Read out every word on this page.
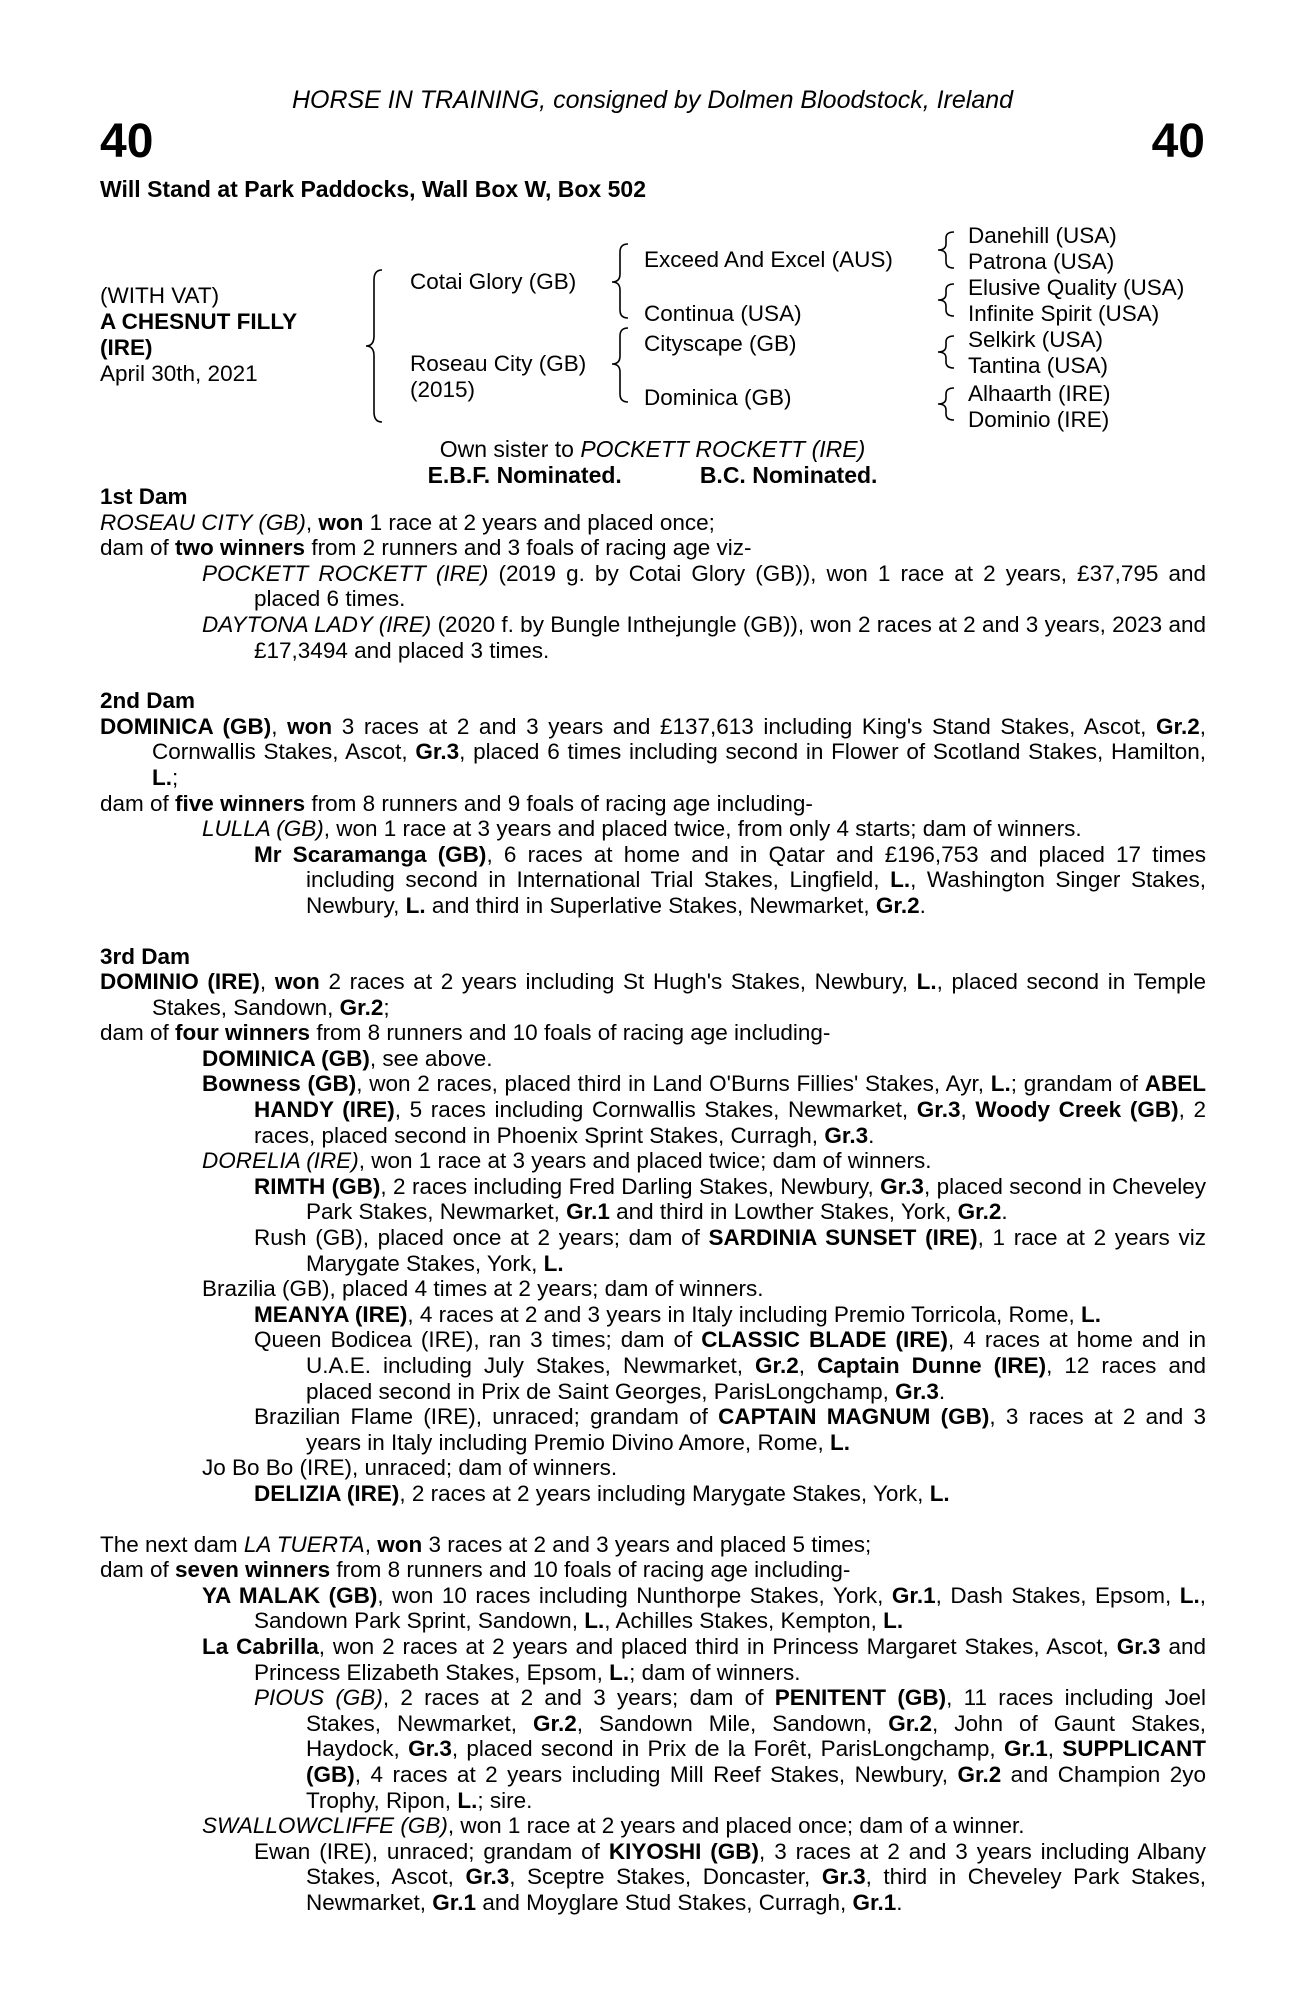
HORSE IN TRAINING, consigned by Dolmen Bloodstock, Ireland
40	40
Will Stand at Park Paddocks, Wall Box W, Box 502
(WITH VAT)
A CHESNUT FILLY
(IRE)
April 30th, 2021
Cotai Glory (GB)
Roseau City (GB)
(2015)
Exceed And Excel (AUS)
Continua (USA)
Cityscape (GB)
Dominica (GB)
Danehill (USA)
Patrona (USA)
Elusive Quality (USA)
Infinite Spirit (USA)
Selkirk (USA)
Tantina (USA)
Alhaarth (IRE)
Dominio (IRE)
Own sister to POCKETT ROCKETT (IRE)
E.B.F. Nominated.	B.C. Nominated.

1st Dam

ROSEAU CITY (GB), won 1 race at 2 years and placed once;

dam of two winners from 2 runners and 3 foals of racing age viz-

POCKETT ROCKETT (IRE) (2019 g. by Cotai Glory (GB)), won 1 race at 2 years, £37,795 and placed 6 times.

DAYTONA LADY (IRE) (2020 f. by Bungle Inthejungle (GB)), won 2 races at 2 and 3 years, 2023 and £17,3494 and placed 3 times.

2nd Dam

DOMINICA (GB), won 3 races at 2 and 3 years and £137,613 including King's Stand Stakes, Ascot, Gr.2, Cornwallis Stakes, Ascot, Gr.3, placed 6 times including second in Flower of Scotland Stakes, Hamilton, L.;

dam of five winners from 8 runners and 9 foals of racing age including-

LULLA (GB), won 1 race at 3 years and placed twice, from only 4 starts; dam of winners.

Mr Scaramanga (GB), 6 races at home and in Qatar and £196,753 and placed 17 times including second in International Trial Stakes, Lingfield, L., Washington Singer Stakes, Newbury, L. and third in Superlative Stakes, Newmarket, Gr.2.

3rd Dam

DOMINIO (IRE), won 2 races at 2 years including St Hugh's Stakes, Newbury, L., placed second in Temple Stakes, Sandown, Gr.2;

dam of four winners from 8 runners and 10 foals of racing age including-

DOMINICA (GB), see above.

Bowness (GB), won 2 races, placed third in Land O'Burns Fillies' Stakes, Ayr, L.; grandam of ABEL HANDY (IRE), 5 races including Cornwallis Stakes, Newmarket, Gr.3, Woody Creek (GB), 2 races, placed second in Phoenix Sprint Stakes, Curragh, Gr.3.

DORELIA (IRE), won 1 race at 3 years and placed twice; dam of winners.

RIMTH (GB), 2 races including Fred Darling Stakes, Newbury, Gr.3, placed second in Cheveley Park Stakes, Newmarket, Gr.1 and third in Lowther Stakes, York, Gr.2.

Rush (GB), placed once at 2 years; dam of SARDINIA SUNSET (IRE), 1 race at 2 years viz Marygate Stakes, York, L.

Brazilia (GB), placed 4 times at 2 years; dam of winners.

MEANYA (IRE), 4 races at 2 and 3 years in Italy including Premio Torricola, Rome, L.

Queen Bodicea (IRE), ran 3 times; dam of CLASSIC BLADE (IRE), 4 races at home and in U.A.E. including July Stakes, Newmarket, Gr.2, Captain Dunne (IRE), 12 races and placed second in Prix de Saint Georges, ParisLongchamp, Gr.3.

Brazilian Flame (IRE), unraced; grandam of CAPTAIN MAGNUM (GB), 3 races at 2 and 3 years in Italy including Premio Divino Amore, Rome, L.

Jo Bo Bo (IRE), unraced; dam of winners.

DELIZIA (IRE), 2 races at 2 years including Marygate Stakes, York, L.

The next dam LA TUERTA, won 3 races at 2 and 3 years and placed 5 times;

dam of seven winners from 8 runners and 10 foals of racing age including-

YA MALAK (GB), won 10 races including Nunthorpe Stakes, York, Gr.1, Dash Stakes, Epsom, L., Sandown Park Sprint, Sandown, L., Achilles Stakes, Kempton, L.

La Cabrilla, won 2 races at 2 years and placed third in Princess Margaret Stakes, Ascot, Gr.3 and Princess Elizabeth Stakes, Epsom, L.; dam of winners.

PIOUS (GB), 2 races at 2 and 3 years; dam of PENITENT (GB), 11 races including Joel Stakes, Newmarket, Gr.2, Sandown Mile, Sandown, Gr.2, John of Gaunt Stakes, Haydock, Gr.3, placed second in Prix de la Forêt, ParisLongchamp, Gr.1, SUPPLICANT (GB), 4 races at 2 years including Mill Reef Stakes, Newbury, Gr.2 and Champion 2yo Trophy, Ripon, L.; sire.

SWALLOWCLIFFE (GB), won 1 race at 2 years and placed once; dam of a winner.

Ewan (IRE), unraced; grandam of KIYOSHI (GB), 3 races at 2 and 3 years including Albany Stakes, Ascot, Gr.3, Sceptre Stakes, Doncaster, Gr.3, third in Cheveley Park Stakes, Newmarket, Gr.1 and Moyglare Stud Stakes, Curragh, Gr.1.
